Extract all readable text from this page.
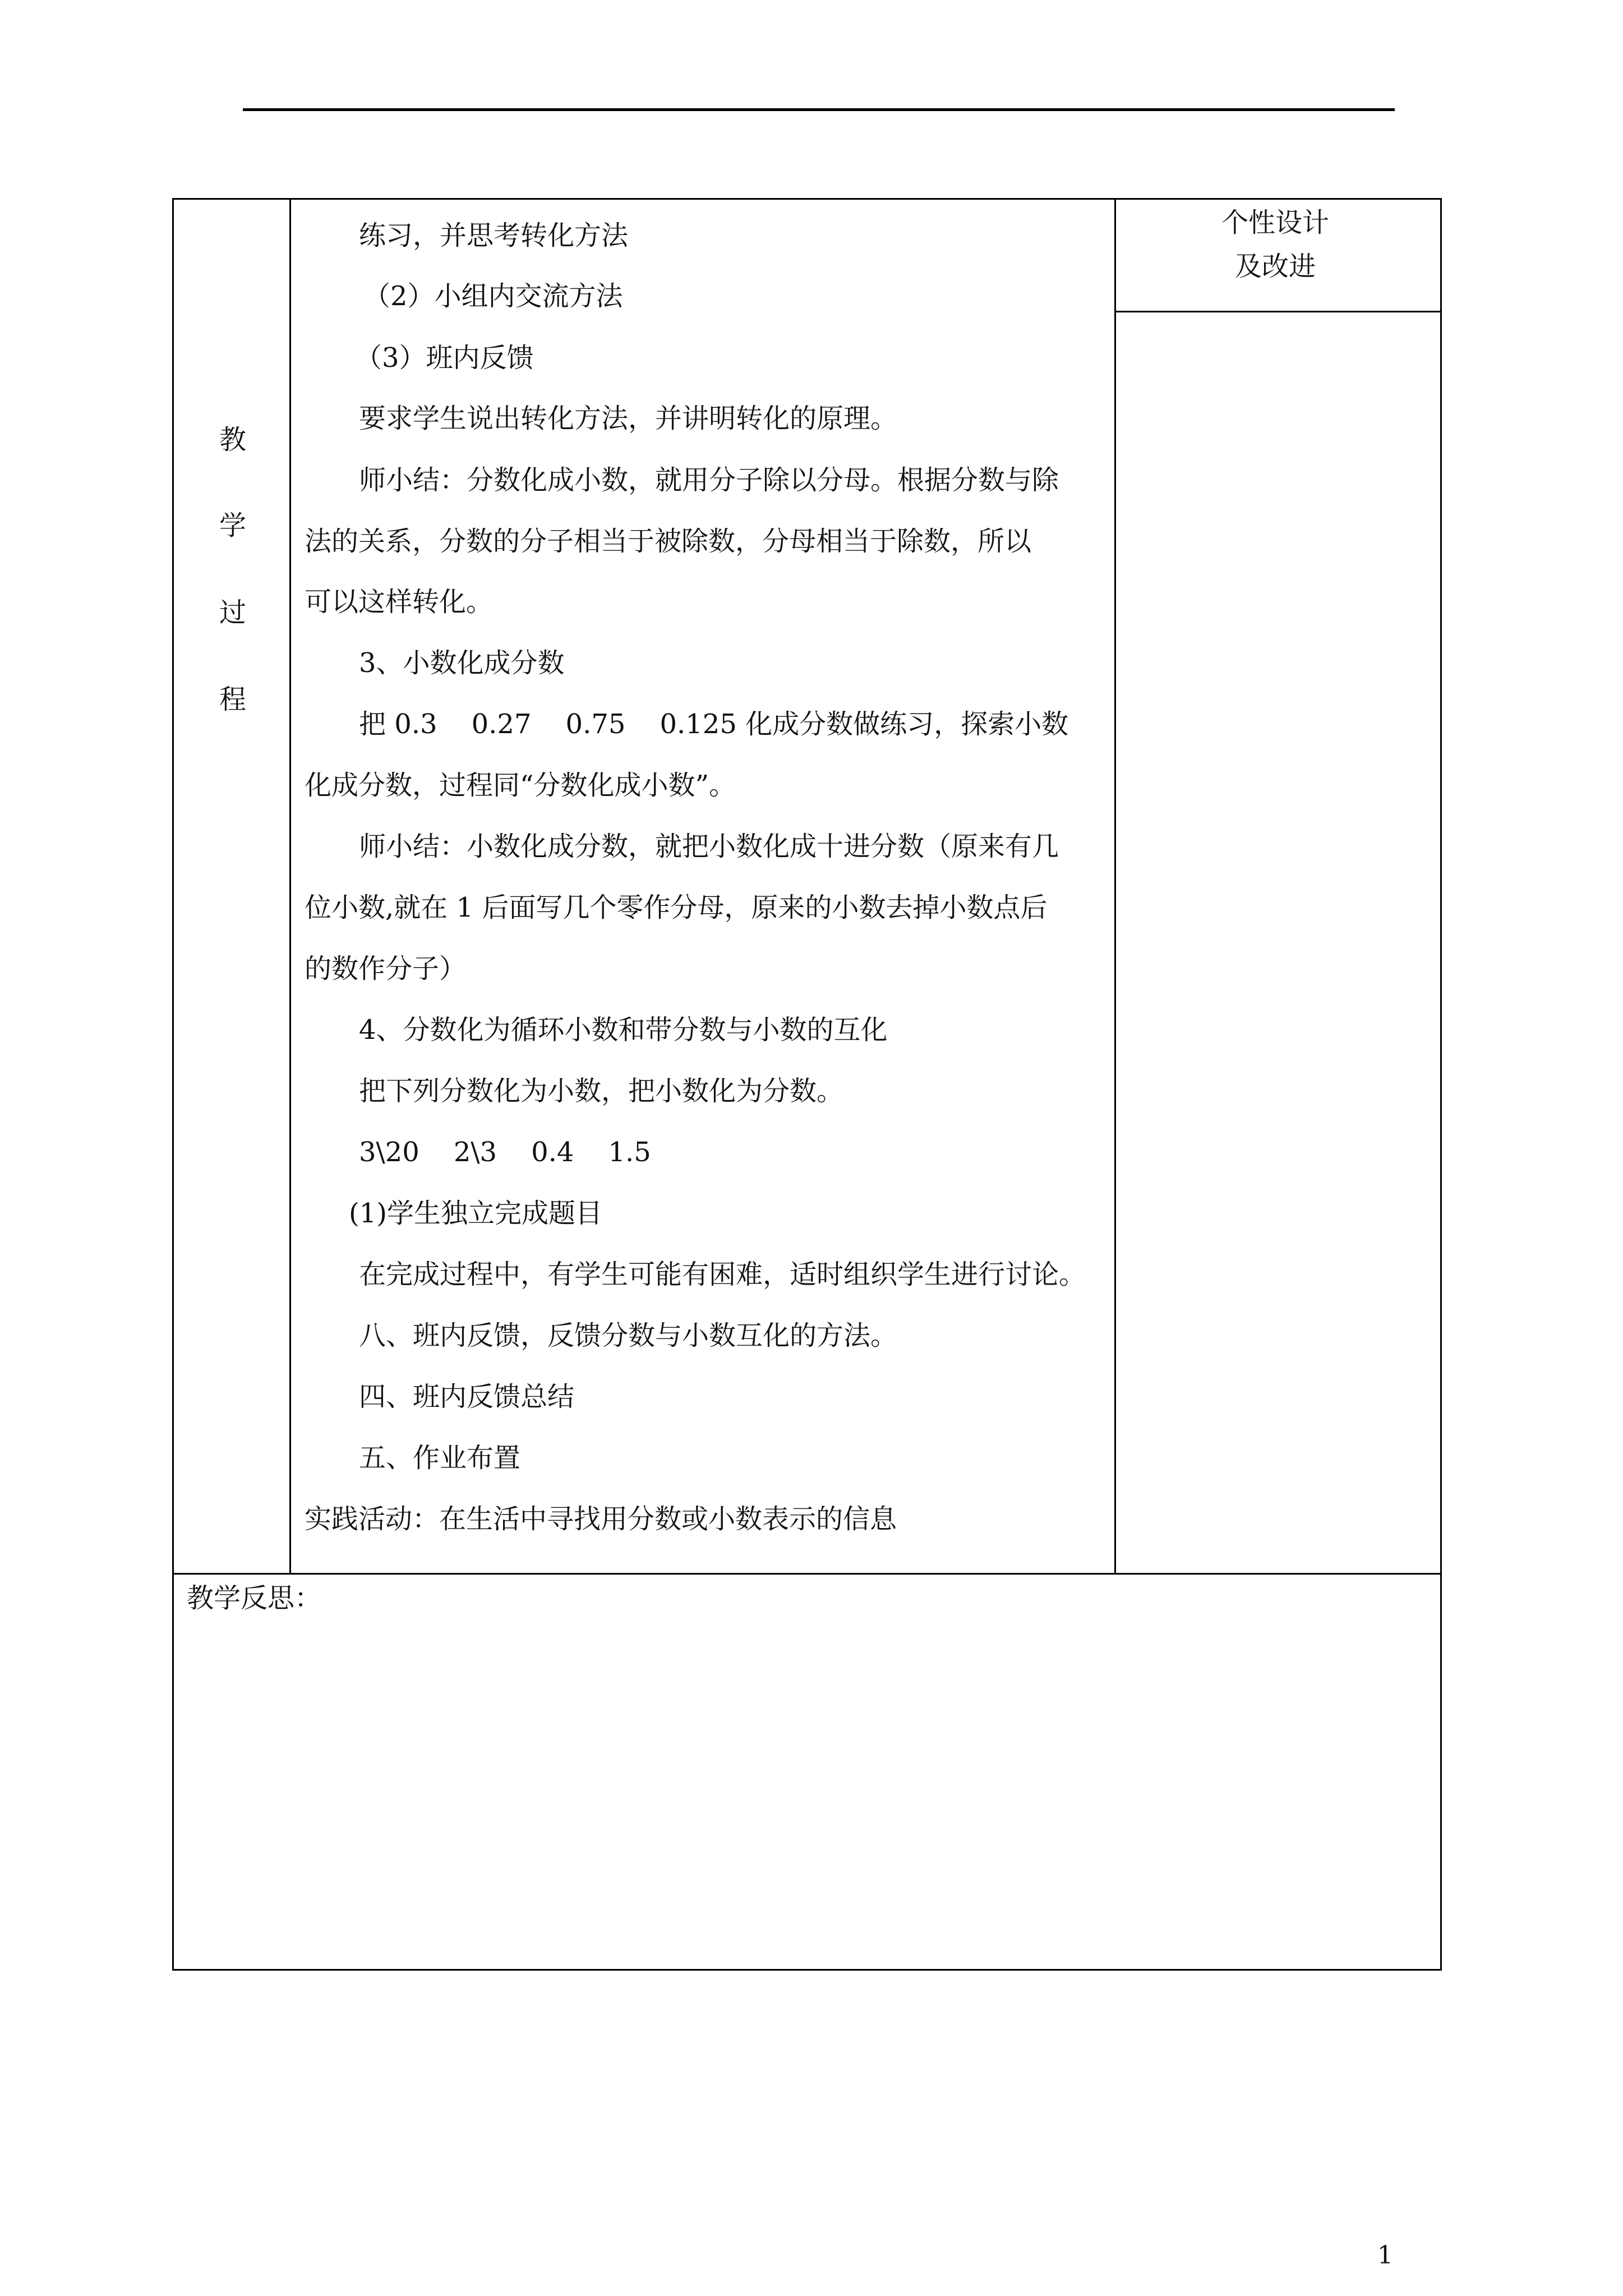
教
学
过
程
个性设计
及改进
练习，并思考转化方法
（2）小组内交流方法
（3）班内反馈
要求学生说出转化方法，并讲明转化的原理。
师小结：分数化成小数，就用分子除以分母。根据分数与除
法的关系，分数的分子相当于被除数，分母相当于除数，所以
可以这样转化。
3、小数化成分数
把 0.3    0.27    0.75    0.125 化成分数做练习，探索小数
化成分数，过程同“分数化成小数”。
师小结：小数化成分数，就把小数化成十进分数（原来有几
位小数,就在 1 后面写几个零作分母，原来的小数去掉小数点后
的数作分子）
4、分数化为循环小数和带分数与小数的互化
把下列分数化为小数，把小数化为分数。
3\20    2\3    0.4    1.5
(1)学生独立完成题目
在完成过程中，有学生可能有困难，适时组织学生进行讨论。
八、班内反馈，反馈分数与小数互化的方法。
四、班内反馈总结
五、作业布置
实践活动：在生活中寻找用分数或小数表示的信息
教学反思：
1
